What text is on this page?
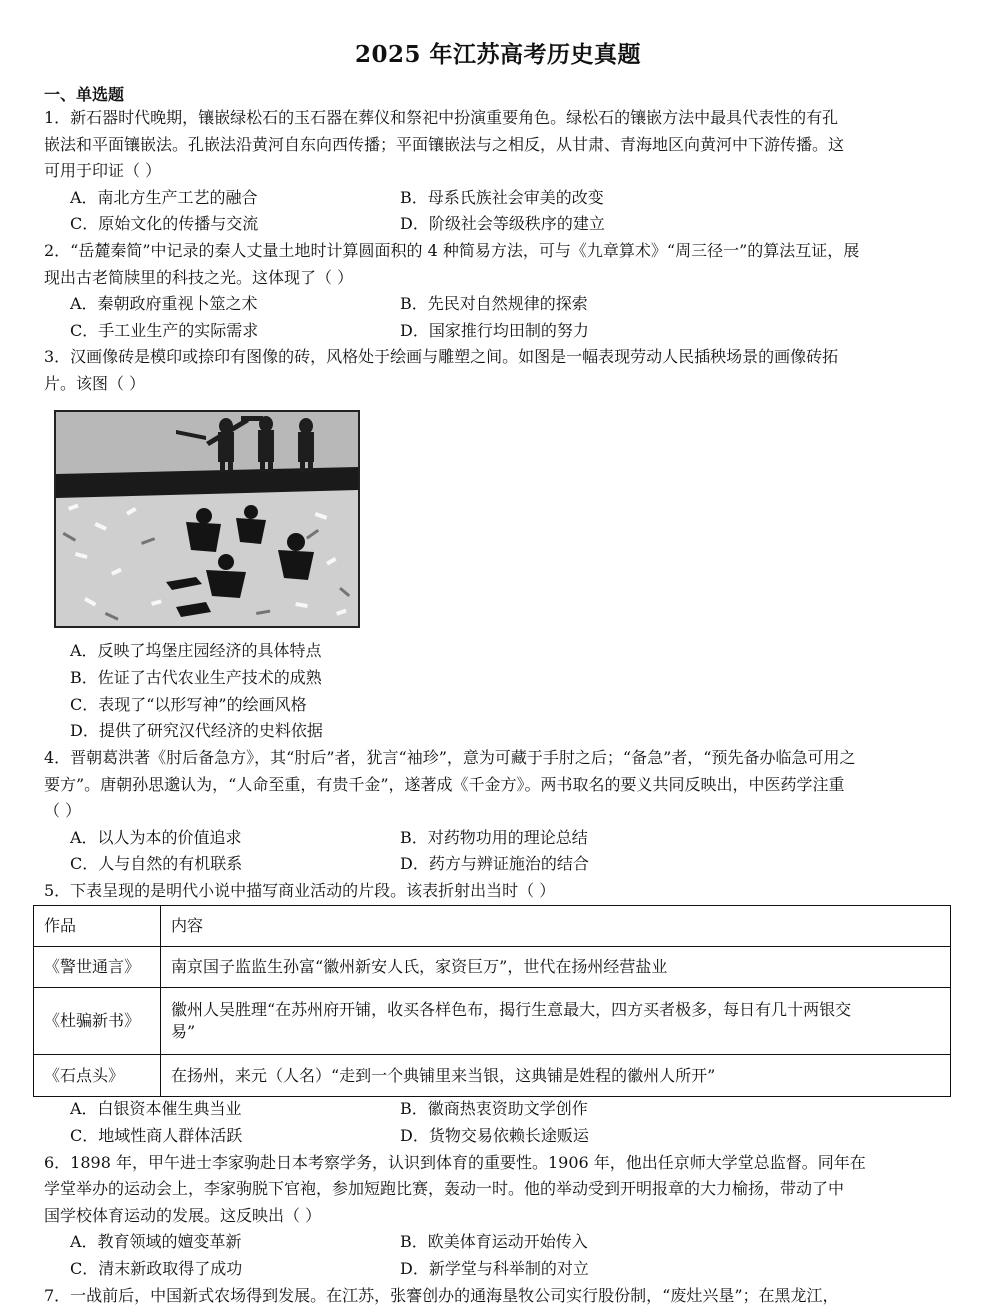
2025 年江苏高考历史真题
一、单选题
1．新石器时代晚期，镶嵌绿松石的玉石器在葬仪和祭祀中扮演重要角色。绿松石的镶嵌方法中最具代表性的有孔
嵌法和平面镶嵌法。孔嵌法沿黄河自东向西传播；平面镶嵌法与之相反，从甘肃、青海地区向黄河中下游传播。这
可用于印证（ ）
A．南北方生产工艺的融合	B．母系氏族社会审美的改变
C．原始文化的传播与交流	D．阶级社会等级秩序的建立
2．“岳麓秦简”中记录的秦人丈量土地时计算圆面积的 4 种简易方法，可与《九章算术》“周三径一”的算法互证，展
现出古老简牍里的科技之光。这体现了（ ）
A．秦朝政府重视卜筮之术	B．先民对自然规律的探索
C．手工业生产的实际需求	D．国家推行均田制的努力
3．汉画像砖是模印或捺印有图像的砖，风格处于绘画与雕塑之间。如图是一幅表现劳动人民插秧场景的画像砖拓
片。该图（ ）
A．反映了坞堡庄园经济的具体特点
B．佐证了古代农业生产技术的成熟
C．表现了“以形写神”的绘画风格
D．提供了研究汉代经济的史料依据
4．晋朝葛洪著《肘后备急方》，其“肘后”者，犹言“袖珍”，意为可藏于手肘之后；“备急”者，“预先备办临急可用之
要方”。唐朝孙思邈认为，“人命至重，有贵千金”，遂著成《千金方》。两书取名的要义共同反映出，中医药学注重
（ ）
A．以人为本的价值追求	B．对药物功用的理论总结
C．人与自然的有机联系	D．药方与辨证施治的结合
5．下表呈现的是明代小说中描写商业活动的片段。该表折射出当时（ ）
作品	内容
《警世通言》	南京国子监监生孙富“徽州新安人氏，家资巨万”，世代在扬州经营盐业
《杜骗新书》	徽州人吴胜理“在苏州府开铺，收买各样色布，揭行生意最大，四方买者极多，每日有几十两银交
易”

《石点头》	在扬州，来元（人名）“走到一个典铺里来当银，这典铺是姓程的徽州人所开”
A．白银资本催生典当业	B．徽商热衷资助文学创作
C．地域性商人群体活跃	D．货物交易依赖长途贩运
6．1898 年，甲午进士李家驹赴日本考察学务，认识到体育的重要性。1906 年，他出任京师大学堂总监督。同年在
学堂举办的运动会上，李家驹脱下官袍，参加短跑比赛，轰动一时。他的举动受到开明报章的大力榆扬，带动了中
国学校体育运动的发展。这反映出（ ）
A．教育领域的嬗变革新	B．欧美体育运动开始传入
C．清末新政取得了成功	D．新学堂与科举制的对立
7．一战前后，中国新式农场得到发展。在江苏，张謇创办的通海垦牧公司实行股份制，“废灶兴垦”；在黑龙江，
